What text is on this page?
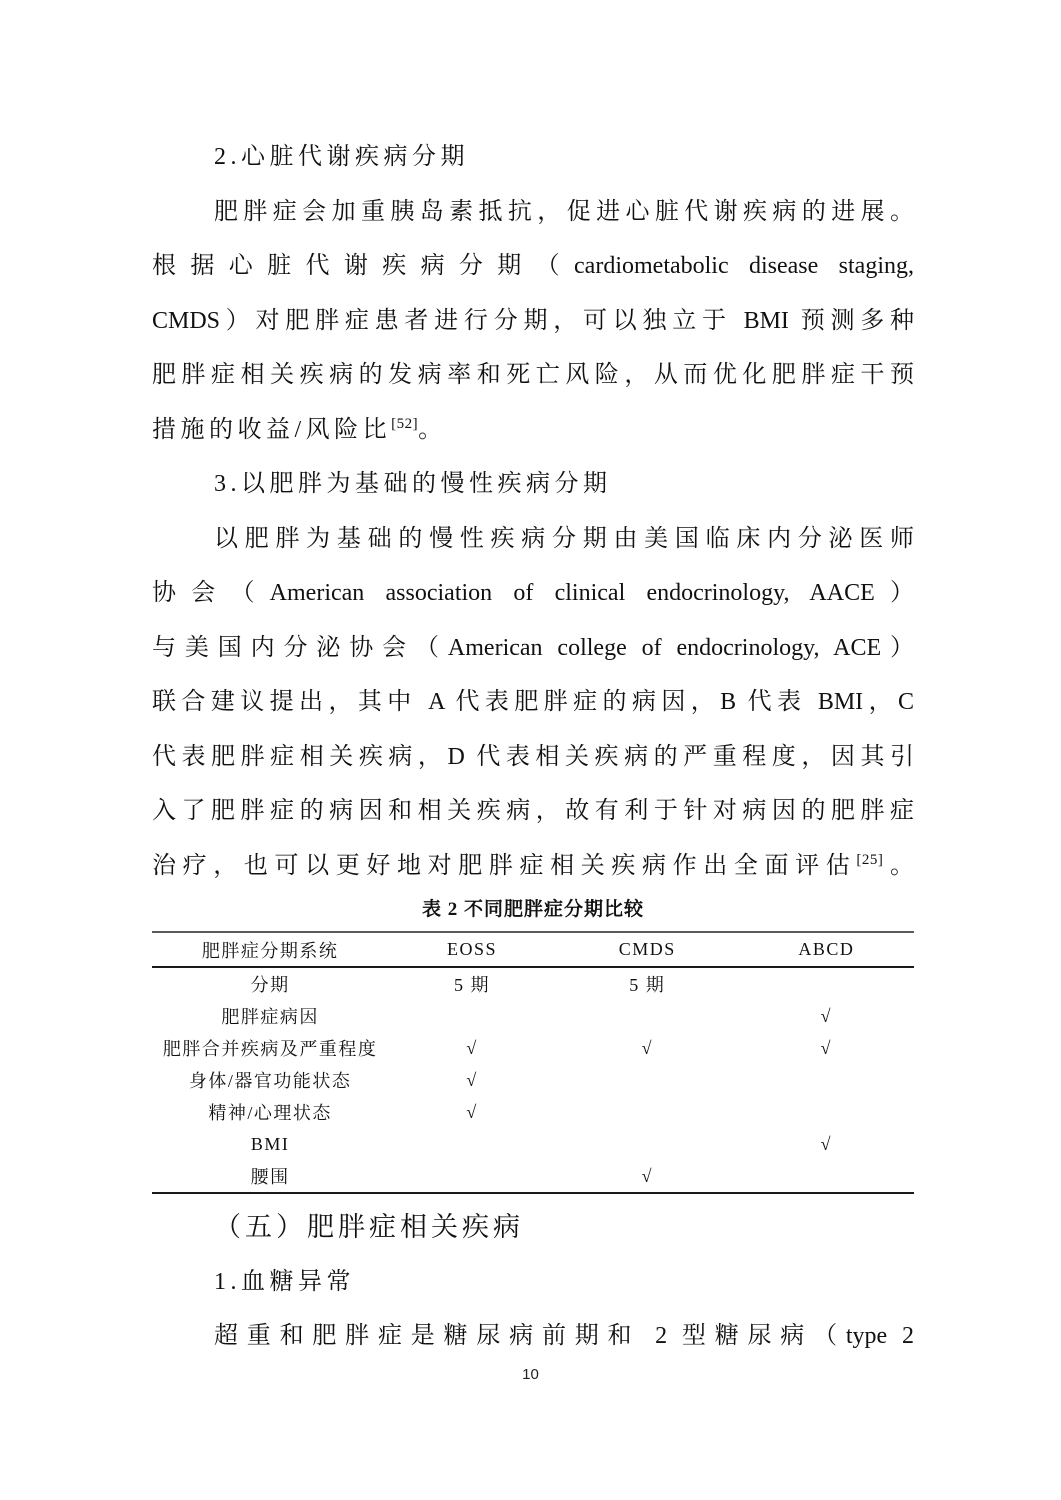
2.心脏代谢疾病分期
肥胖症会加重胰岛素抵抗，促进心脏代谢疾病的进展。
根据心脏代谢疾病分期（cardiometabolic disease staging,
CMDS）对肥胖症患者进行分期，可以独立于 BMI 预测多种
肥胖症相关疾病的发病率和死亡风险，从而优化肥胖症干预
措施的收益/风险比[52]。
3.以肥胖为基础的慢性疾病分期
以肥胖为基础的慢性疾病分期由美国临床内分泌医师
协会（American association of clinical endocrinology, AACE）
与美国内分泌协会（American college of endocrinology, ACE）
联合建议提出，其中 A 代表肥胖症的病因，B 代表 BMI，C
代表肥胖症相关疾病，D 代表相关疾病的严重程度，因其引
入了肥胖症的病因和相关疾病，故有利于针对病因的肥胖症
治疗，也可以更好地对肥胖症相关疾病作出全面评估[25]。
表 2 不同肥胖症分期比较
肥胖症分期系统	EOSS	CMDS	ABCD
分期	5 期	5 期	
肥胖症病因			√
肥胖合并疾病及严重程度	√	√	√
身体/器官功能状态	√		
精神/心理状态	√		
BMI			√
腰围		√	
（五）肥胖症相关疾病
1.血糖异常
超重和肥胖症是糖尿病前期和 2 型糖尿病（type 2
10
